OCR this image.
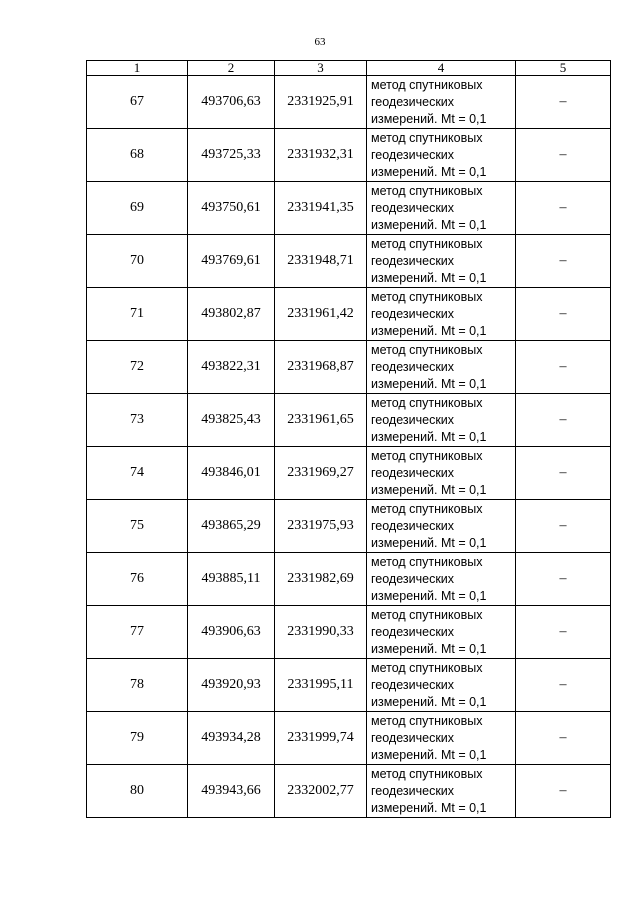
63
1	2	3	4	5
67	493706,63	2331925,91	метод спутниковых
геодезических
измерений. Mt = 0,1	–
68	493725,33	2331932,31	метод спутниковых
геодезических
измерений. Mt = 0,1	–
69	493750,61	2331941,35	метод спутниковых
геодезических
измерений. Mt = 0,1	–
70	493769,61	2331948,71	метод спутниковых
геодезических
измерений. Mt = 0,1	–
71	493802,87	2331961,42	метод спутниковых
геодезических
измерений. Mt = 0,1	–
72	493822,31	2331968,87	метод спутниковых
геодезических
измерений. Mt = 0,1	–
73	493825,43	2331961,65	метод спутниковых
геодезических
измерений. Mt = 0,1	–
74	493846,01	2331969,27	метод спутниковых
геодезических
измерений. Mt = 0,1	–
75	493865,29	2331975,93	метод спутниковых
геодезических
измерений. Mt = 0,1	–
76	493885,11	2331982,69	метод спутниковых
геодезических
измерений. Mt = 0,1	–
77	493906,63	2331990,33	метод спутниковых
геодезических
измерений. Mt = 0,1	–
78	493920,93	2331995,11	метод спутниковых
геодезических
измерений. Mt = 0,1	–
79	493934,28	2331999,74	метод спутниковых
геодезических
измерений. Mt = 0,1	–
80	493943,66	2332002,77	метод спутниковых
геодезических
измерений. Mt = 0,1	–
